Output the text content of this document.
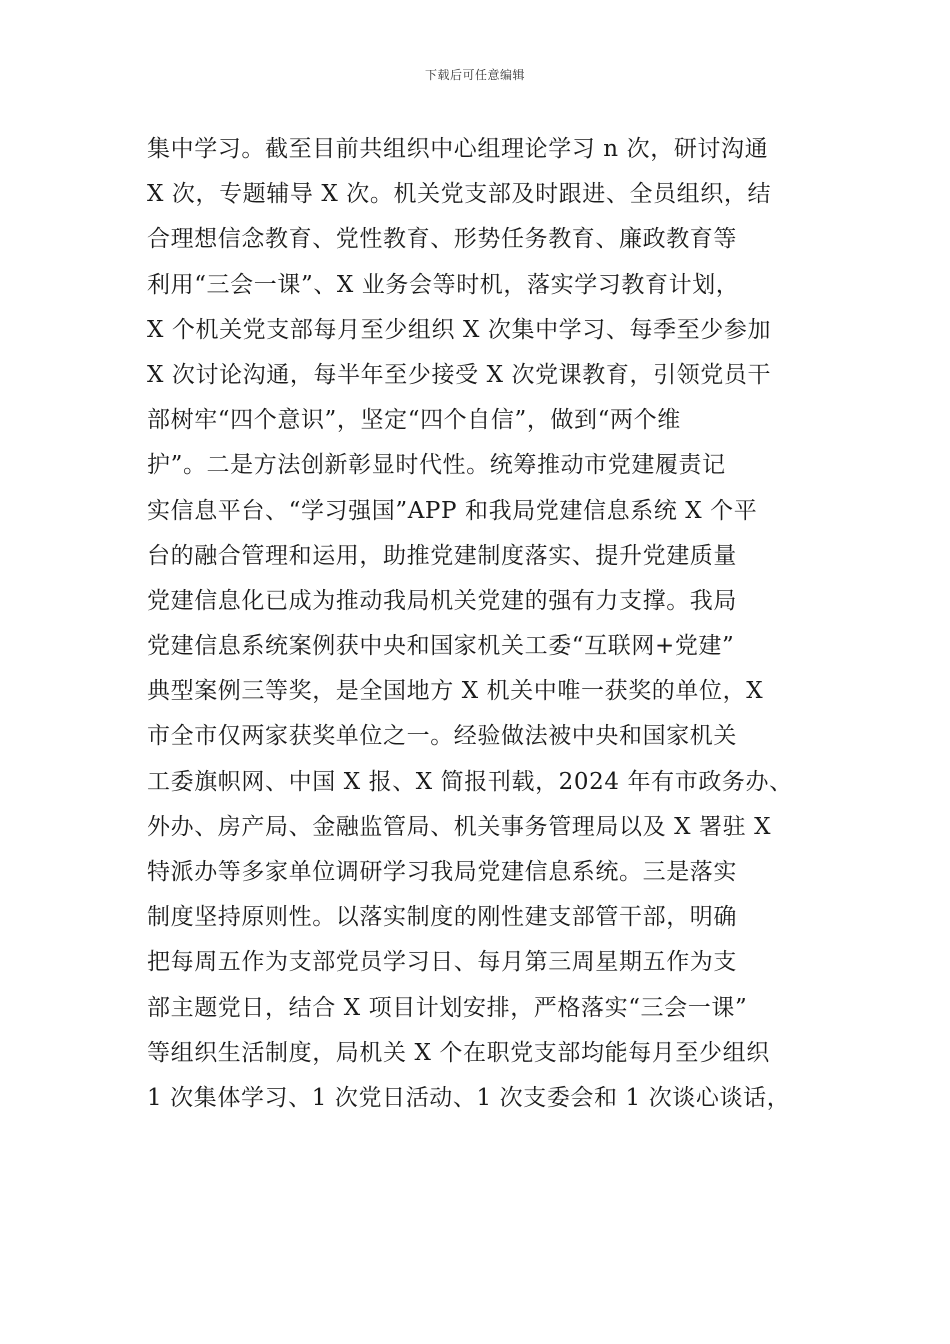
下载后可任意编辑
集中学习。截至目前共组织中心组理论学习 n 次，研讨沟通
X 次，专题辅导 X 次。机关党支部及时跟进、全员组织，结
合理想信念教育、党性教育、形势任务教育、廉政教育等
利用“三会一课”、X 业务会等时机，落实学习教育计划，
X 个机关党支部每月至少组织 X 次集中学习、每季至少参加
X 次讨论沟通，每半年至少接受 X 次党课教育，引领党员干
部树牢“四个意识”，坚定“四个自信”，做到“两个维
护”。二是方法创新彰显时代性。统筹推动市党建履责记
实信息平台、“学习强国”APP 和我局党建信息系统 X 个平
台的融合管理和运用，助推党建制度落实、提升党建质量
党建信息化已成为推动我局机关党建的强有力支撑。我局
党建信息系统案例获中央和国家机关工委“互联网+党建”
典型案例三等奖，是全国地方 X 机关中唯一获奖的单位，X
市全市仅两家获奖单位之一。经验做法被中央和国家机关
工委旗帜网、中国 X 报、X 简报刊载，2024 年有市政务办、
外办、房产局、金融监管局、机关事务管理局以及 X 署驻 X
特派办等多家单位调研学习我局党建信息系统。三是落实
制度坚持原则性。以落实制度的刚性建支部管干部，明确
把每周五作为支部党员学习日、每月第三周星期五作为支
部主题党日，结合 X 项目计划安排，严格落实“三会一课”
等组织生活制度，局机关 X 个在职党支部均能每月至少组织
1 次集体学习、1 次党日活动、1 次支委会和 1 次谈心谈话，
